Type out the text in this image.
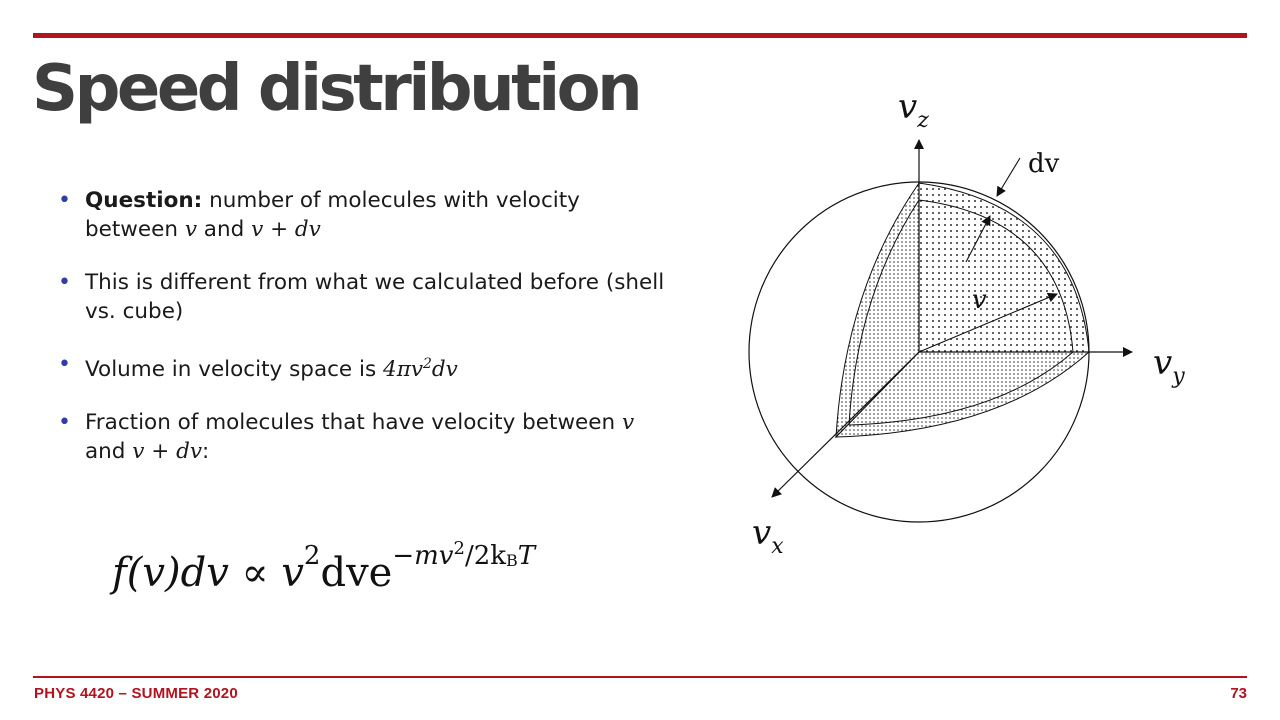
Speed distribution
• Question: number of molecules with velocity between v and v + dv
• This is different from what we calculated before (shell vs. cube)
• Volume in velocity space is $4\pi v^2dv$
• Fraction of molecules that have velocity between v and v + dv:
$f(v)dv \propto v^2dve^{-mv^2/2k_BT}$
$v_z$
$v_y$
$v_x$
v
dv
PHYS 4420 – SUMMER 2020	73
